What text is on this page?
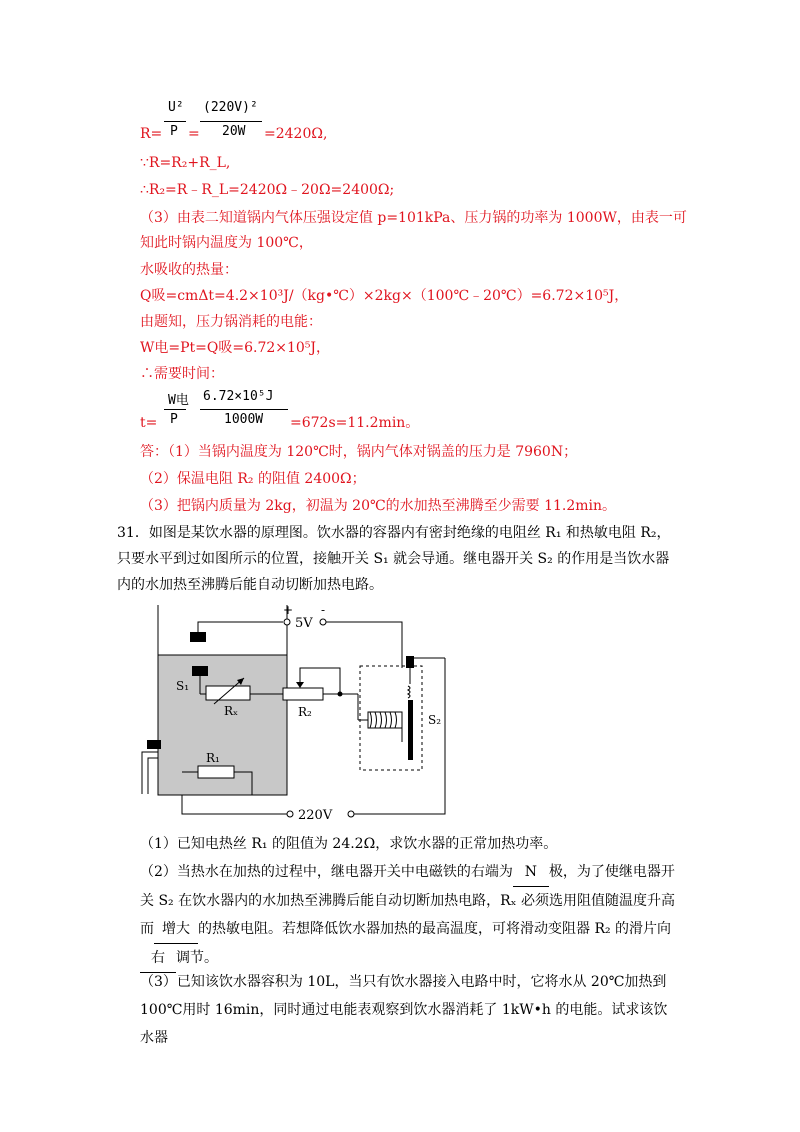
U²
P
(220V)²
20W
R= =	=2420Ω,
∵R=R₂+R_L,
∴R₂=R﹣R_L=2420Ω﹣20Ω=2400Ω;
（3）由表二知道锅内气体压强设定值 p=101kPa、压力锅的功率为 1000W，由表一可
知此时锅内温度为 100℃，
水吸收的热量：
Q吸=cmΔt=4.2×10³J/（kg•℃）×2kg×（100℃﹣20℃）=6.72×10⁵J，
由题知，压力锅消耗的电能：
W电=Pt=Q吸=6.72×10⁵J，
∴需要时间：
W电
P
6.72×10⁵J
1000W
t=	=672s=11.2min。
答：（1）当锅内温度为 120℃时，锅内气体对锅盖的压力是 7960N；
（2）保温电阻 R₂ 的阻值 2400Ω；
（3）把锅内质量为 2kg，初温为 20℃的水加热至沸腾至少需要 11.2min。
31．如图是某饮水器的原理图。饮水器的容器内有密封绝缘的电阻丝 R₁ 和热敏电阻 R₂，只要水平到过如图所示的位置，接触开关 S₁ 就会导通。继电器开关 S₂ 的作用是当饮水器内的水加热至沸腾后能自动切断加热电路。
+
5V
-
S₁
Rₓ	R₂
S₂
220V
R₁
（1）已知电热丝 R₁ 的阻值为 24.2Ω，求饮水器的正常加热功率。
（2）当热水在加热的过程中，继电器开关中电磁铁的右端为 N 极，为了使继电器开关 S₂ 在饮水器内的水加热至沸腾后能自动切断加热电路，Rₓ 必须选用阻值随温度升高而 增大 的热敏电阻。若想降低饮水器加热的最高温度，可将滑动变阻器 R₂ 的滑片向右 调节。
（3）已知该饮水器容积为 10L，当只有饮水器接入电路中时，它将水从 20℃加热到 100℃用时 16min，同时通过电能表观察到饮水器消耗了 1kW•h 的电能。试求该饮水器
